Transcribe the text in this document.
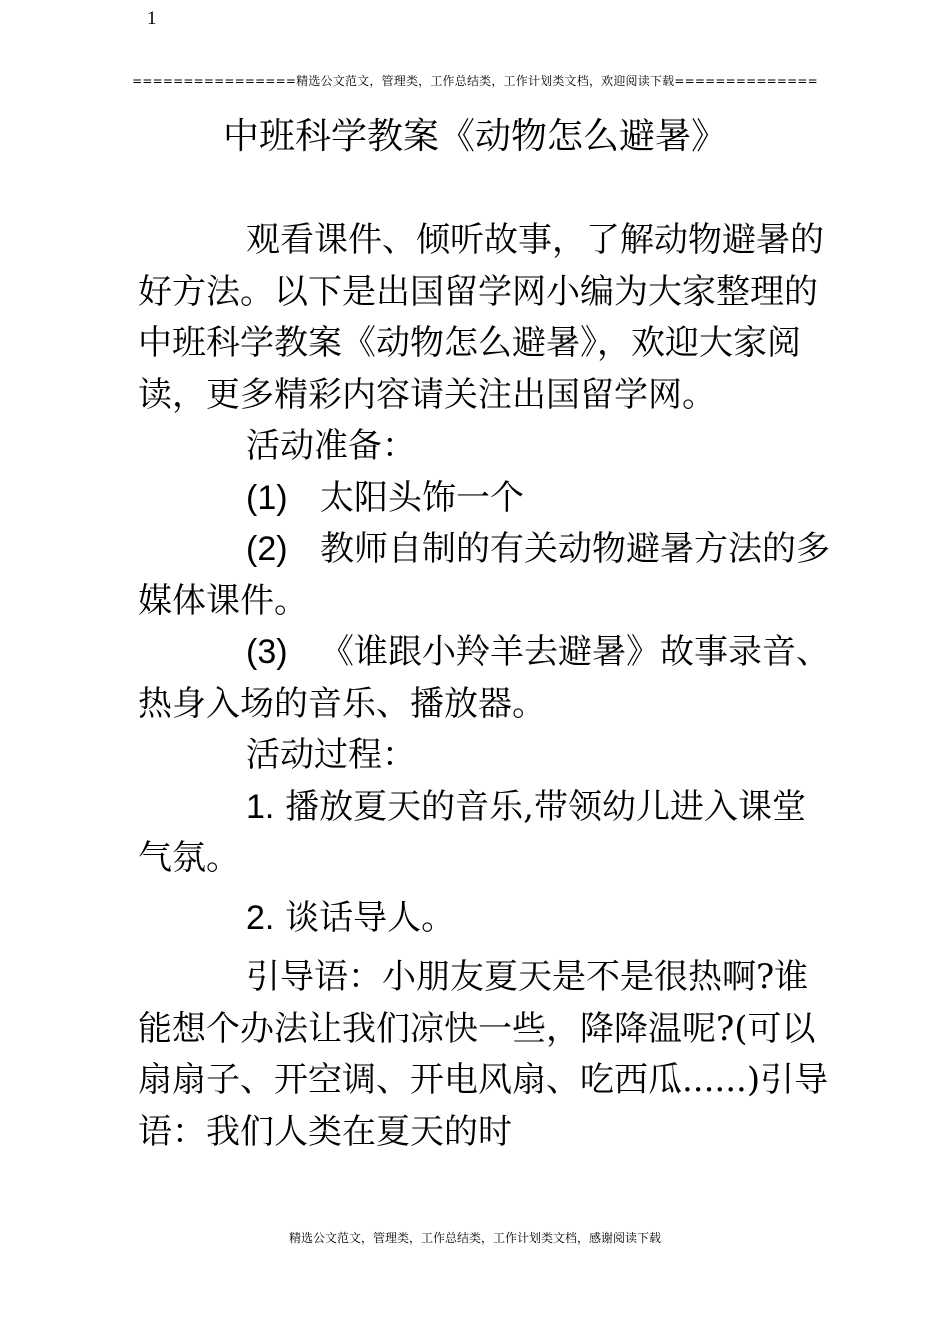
1
================精选公文范文，管理类，工作总结类，工作计划类文档，欢迎阅读下载==============
中班科学教案《动物怎么避暑》

观看课件、倾听故事，了解动物避暑的好方法。以下是出国留学网小编为大家整理的中班科学教案《动物怎么避暑》，欢迎大家阅读，更多精彩内容请关注出国留学网。

活动准备：

(1) 太阳头饰一个

(2) 教师自制的有关动物避暑方法的多媒体课件。

(3) 《谁跟小羚羊去避暑》故事录音、热身入场的音乐、播放器。

活动过程：

1. 播放夏天的音乐,带领幼儿进入课堂气氛。

2. 谈话导人。

引导语：小朋友夏天是不是很热啊?谁能想个办法让我们凉快一些，降降温呢?(可以扇扇子、开空调、开电风扇、吃西瓜......)引导语：我们人类在夏天的时

精选公文范文，管理类，工作总结类，工作计划类文档，感谢阅读下载
